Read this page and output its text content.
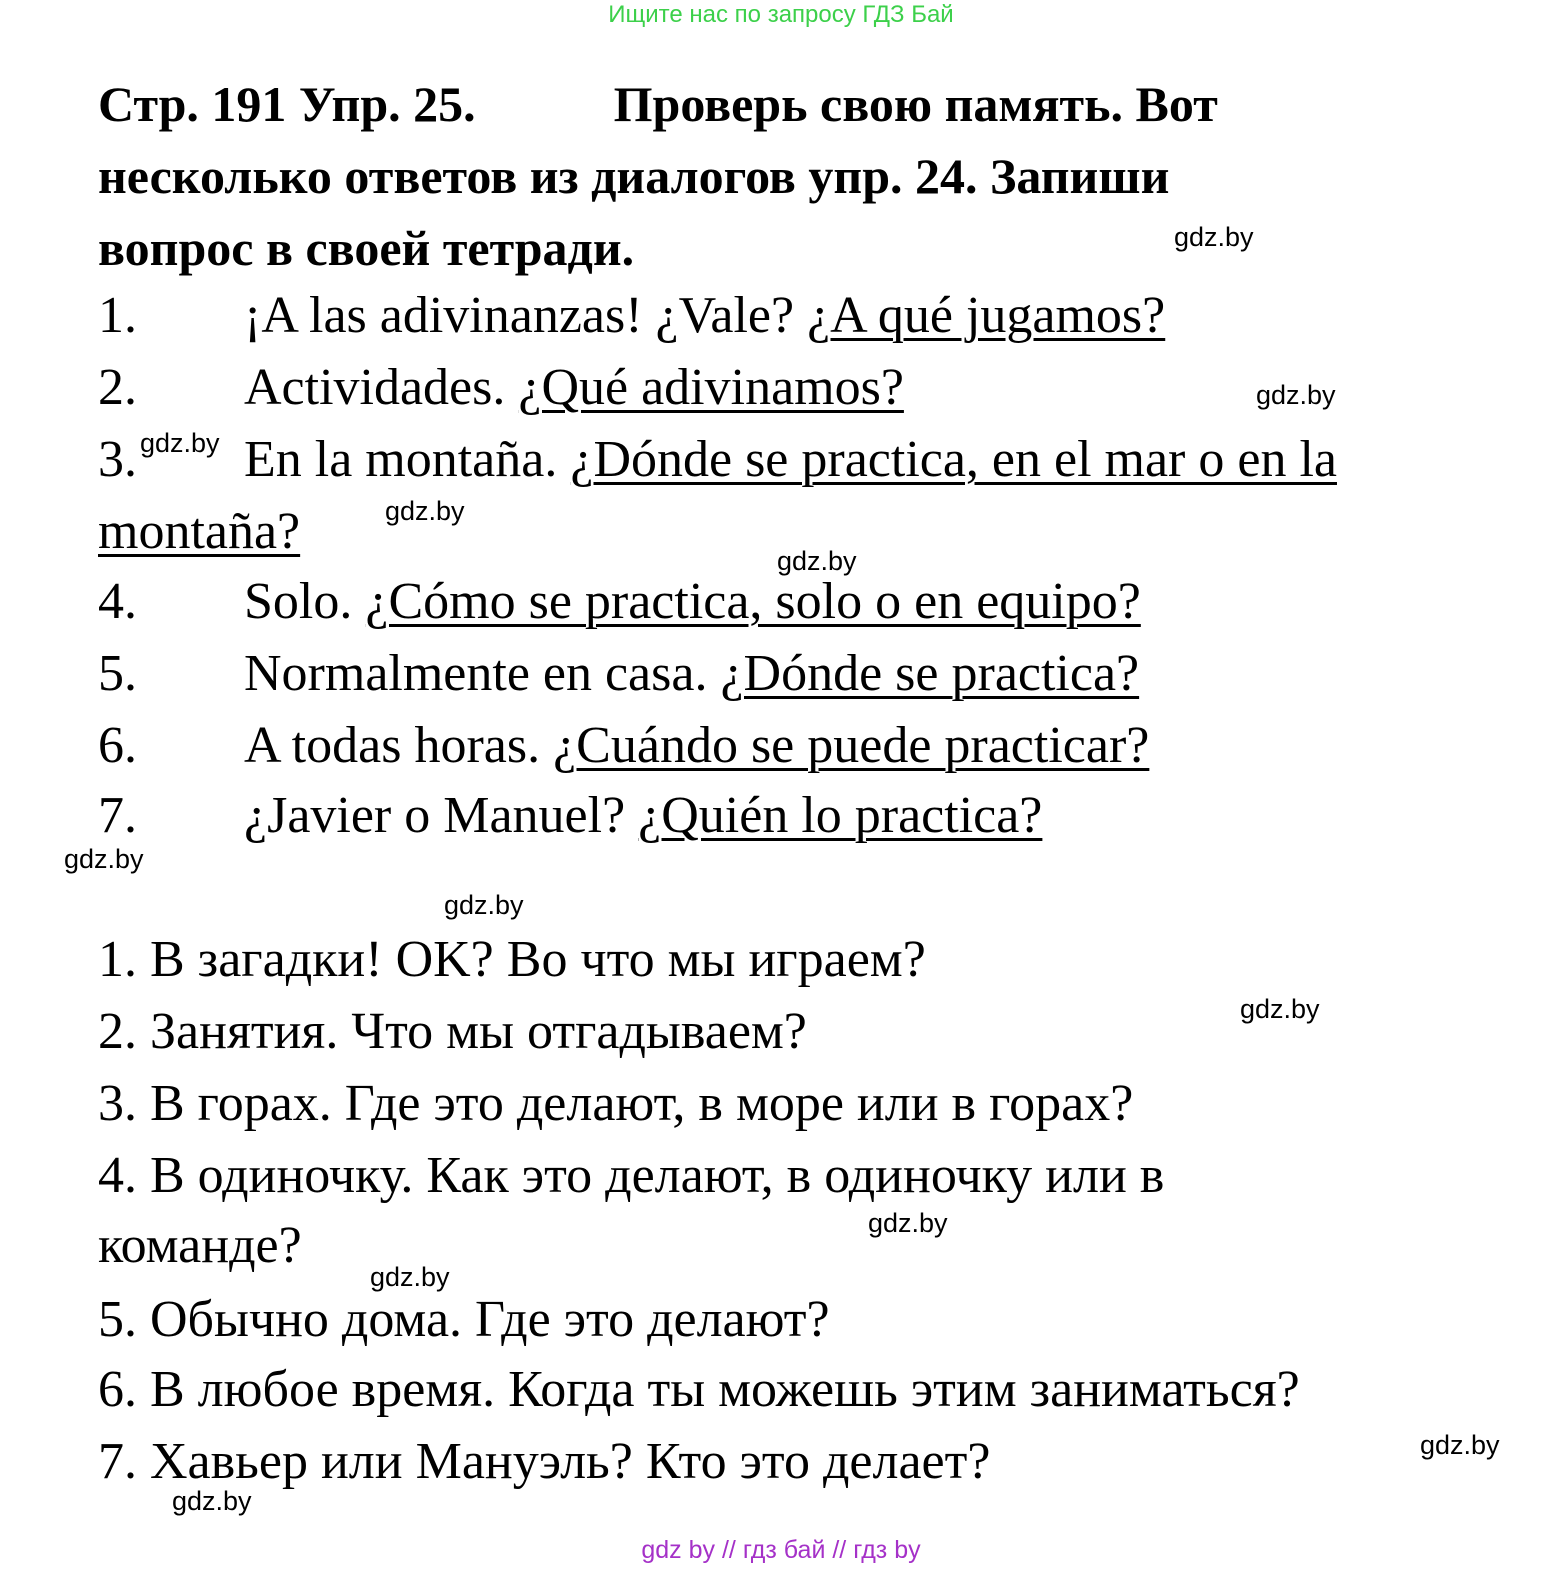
Ищите нас по запросу ГДЗ Бай
Стр. 191 Упр. 25.	Проверь свою память. Вот
несколько ответов из диалогов упр. 24. Запиши
вопрос в своей тетради.
1. ¡A las adivinanzas! ¿Vale? ¿A qué jugamos?
2. Actividades. ¿Qué adivinamos?
3. En la montaña. ¿Dónde se practica, en el mar o en la
montaña?
4. Solo. ¿Cómo se practica, solo o en equipo?
5. Normalmente en casa. ¿Dónde se practica?
6. A todas horas. ¿Cuándo se puede practicar?
7. ¿Javier o Manuel? ¿Quién lo practica?
1. В загадки! OK? Во что мы играем?
2. Занятия. Что мы отгадываем?
3. В горах. Где это делают, в море или в горах?
4. В одиночку. Как это делают, в одиночку или в
команде?
5. Обычно дома. Где это делают?
6. В любое время. Когда ты можешь этим заниматься?
7. Хавьер или Мануэль? Кто это делает?
gdz.by
gdz.by
gdz.by
gdz.by
gdz.by
gdz.by
gdz.by
gdz.by
gdz.by
gdz.by
gdz.by
gdz.by
gdz by // гдз бай // гдз by
